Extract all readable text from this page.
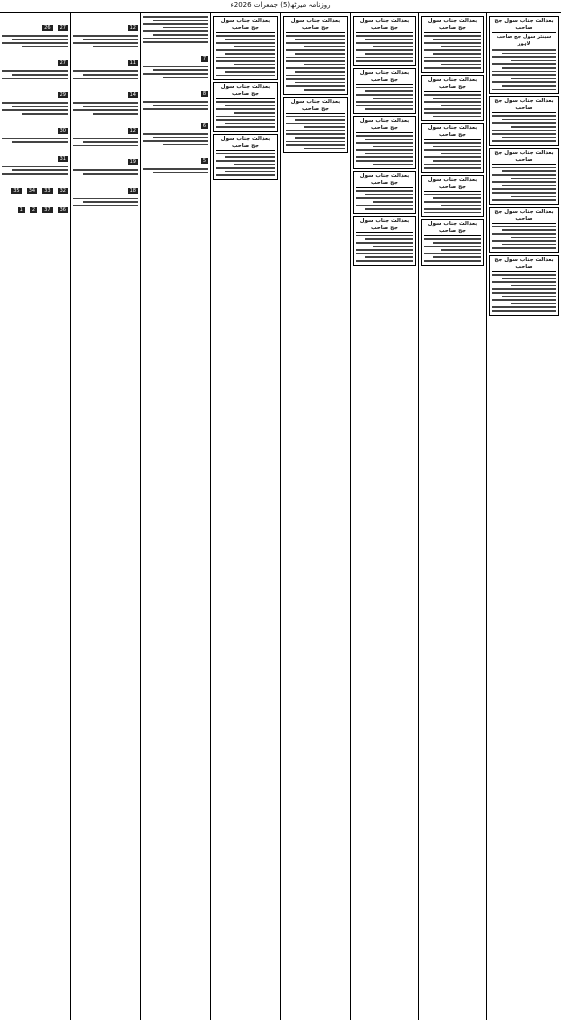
روزنامہ میرٹھ(5) جمعرات 2026ء
بعدالت جناب سول جج صاحب
سینئر سول جج صاحب لاہور
بعدالت جناب سول جج صاحب
بعدالت جناب سول جج صاحب
بعدالت جناب سول جج صاحب
بعدالت جناب سول جج صاحب
بعدالت جناب سول جج صاحب
بعدالت جناب سول جج صاحب
بعدالت جناب سول جج صاحب
بعدالت جناب سول جج صاحب
بعدالت جناب سول جج صاحب
بعدالت جناب سول جج صاحب
بعدالت جناب سول جج صاحب
بعدالت جناب سول جج صاحب
بعدالت جناب سول جج صاحب
بعدالت جناب سول جج صاحب
بعدالت جناب سول جج صاحب
بعدالت جناب سول جج صاحب
بعدالت جناب سول جج صاحب
بعدالت جناب سول جج صاحب
بعدالت جناب سول جج صاحب
7
8
6
5
12
11
14
12
19
18
27 26
27
29
30
31
32 33 34 35 36 37 2 1
